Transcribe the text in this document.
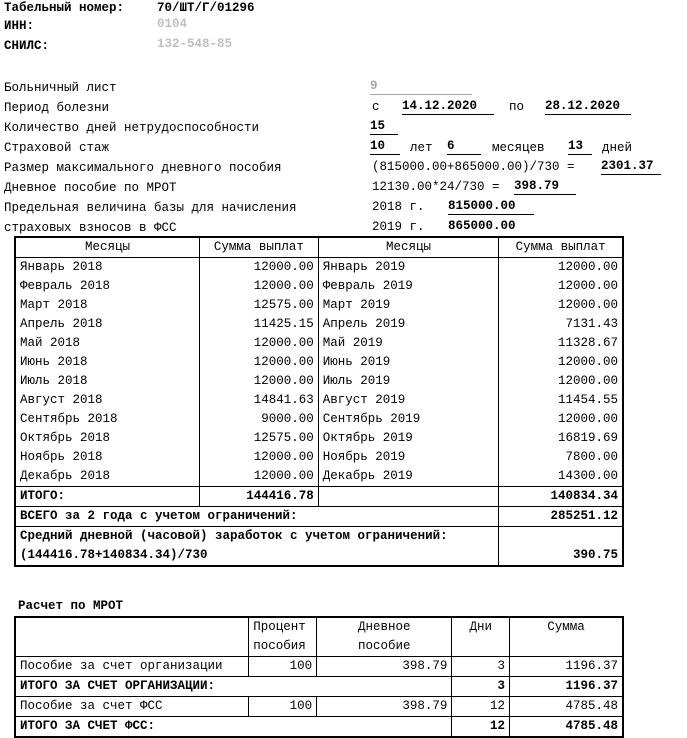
Табельный номер:	70/ШТ/Г/01296
ИНН:	0104
СНИЛС:	132-548-85
Больничный лист	9
Период болезни	с 14.12.2020	по 28.12.2020
Количество дней нетрудоспособности	15
Страховой стаж	10	лет 6	месяцев 13	дней
Размер максимального дневного пособия	(815000.00+865000.00)/730 = 2301.37
Дневное пособие по МРОТ	12130.00*24/730 = 398.79
Предельная величина базы для начисления
страховых взносов в ФСС
2018 г. 815000.00
2019 г. 865000.00
Месяцы	Сумма выплат	Месяцы	Сумма выплат
Январь 2018	12000.00	Январь 2019	12000.00
Февраль 2018	12000.00	Февраль 2019	12000.00
Март 2018	12575.00	Март 2019	12000.00
Апрель 2018	11425.15	Апрель 2019	7131.43
Май 2018	12000.00	Май 2019	11328.67
Июнь 2018	12000.00	Июнь 2019	12000.00
Июль 2018	12000.00	Июль 2019	12000.00
Август 2018	14841.63	Август 2019	11454.55
Сентябрь 2018	9000.00	Сентябрь 2019	12000.00
Октябрь 2018	12575.00	Октябрь 2019	16819.69
Ноябрь 2018	12000.00	Ноябрь 2019	7800.00
Декабрь 2018	12000.00	Декабрь 2019	14300.00
ИТОГО:	144416.78		140834.34
ВСЕГО за 2 года с учетом ограничений:			285251.12
Средний дневной (часовой) заработок с учетом ограничений:			
(144416.78+140834.34)/730			390.75
Расчет по МРОТ
	Процент	Дневное	Дни	Сумма
	пособия	пособие		
Пособие за счет организации	100	398.79	3	1196.37
ИТОГО ЗА СЧЕТ ОРГАНИЗАЦИИ:			3	1196.37
Пособие за счет ФСС	100	398.79	12	4785.48
ИТОГО ЗА СЧЕТ ФСС:			12	4785.48
